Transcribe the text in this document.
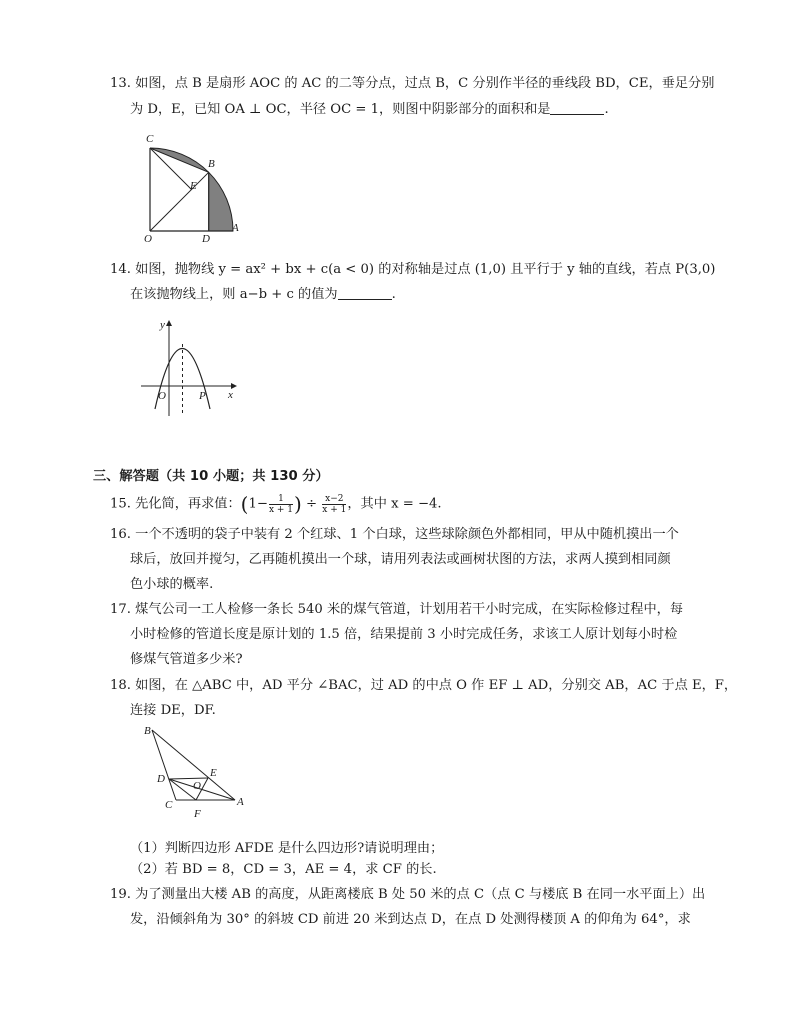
13. 如图，点 B 是扇形 AOC 的 AC 的二等分点，过点 B，C 分别作半径的垂线段 BD，CE，垂足分别
为 D，E，已知 OA ⊥ OC，半径 OC = 1，则图中阴影部分的面积和是	.
C
B
E
O	D
A
14. 如图，抛物线 y = ax² + bx + c(a < 0) 的对称轴是过点 (1,0) 且平行于 y 轴的直线，若点 P(3,0)
在该抛物线上，则 a−b + c 的值为	.
y
x
O	P
三、解答题（共 10 小题；共 130 分）
15. 先化简，再求值：($1- \frac{1}{x + 1}$ ) ÷ $\frac{x-2}{x + 1}$ ，其中 x = −4.
16. 一个不透明的袋子中装有 2 个红球、1 个白球，这些球除颜色外都相同，甲从中随机摸出一个
球后，放回并搅匀，乙再随机摸出一个球，请用列表法或画树状图的方法，求两人摸到相同颜
色小球的概率.
17. 煤气公司一工人检修一条长 540 米的煤气管道，计划用若干小时完成，在实际检修过程中，每
小时检修的管道长度是原计划的 1.5 倍，结果提前 3 小时完成任务，求该工人原计划每小时检
修煤气管道多少米?
18. 如图，在 △ABC 中，AD 平分 ∠BAC，过 AD 的中点 O 作 EF ⊥ AD，分别交 AB，AC 于点 E，F，
连接 DE，DF.
B
D	E
O
C
F
A
（1）判断四边形 AFDE 是什么四边形?请说明理由；
（2）若 BD = 8，CD = 3，AE = 4，求 CF 的长.
19. 为了测量出大楼 AB 的高度，从距离楼底 B 处 50 米的点 C（点 C 与楼底 B 在同一水平面上）出
发，沿倾斜角为 30° 的斜坡 CD 前进 20 米到达点 D，在点 D 处测得楼顶 A 的仰角为 64°，求
